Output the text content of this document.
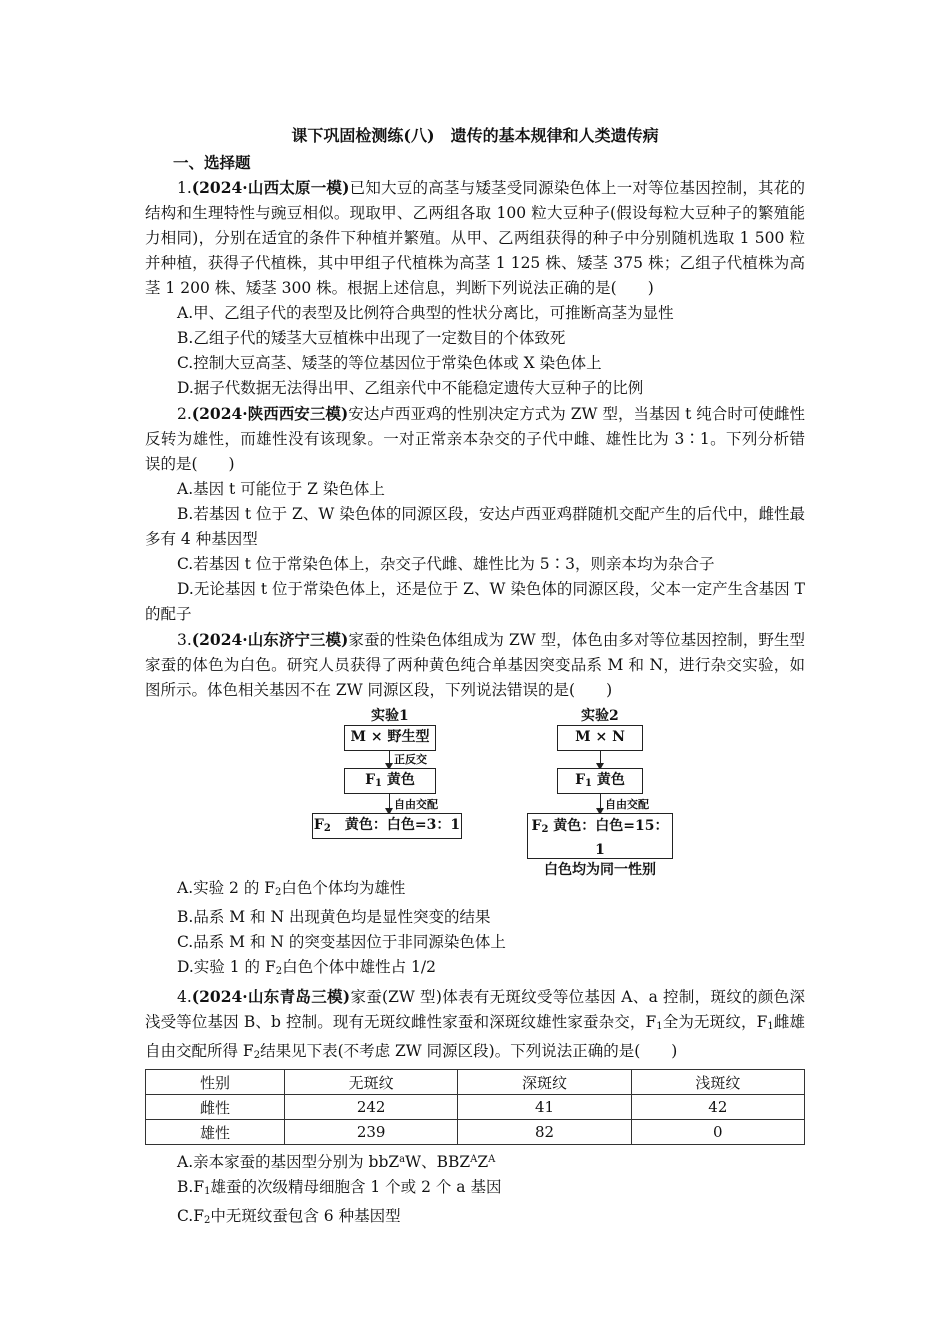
课下巩固检测练(八)　遗传的基本规律和人类遗传病
一、选择题

1.(2024·山西太原一模)已知大豆的高茎与矮茎受同源染色体上一对等位基因控制，其花的结构和生理特性与豌豆相似。现取甲、乙两组各取 100 粒大豆种子(假设每粒大豆种子的繁殖能力相同)，分别在适宜的条件下种植并繁殖。从甲、乙两组获得的种子中分别随机选取 1 500 粒并种植，获得子代植株，其中甲组子代植株为高茎 1 125 株、矮茎 375 株；乙组子代植株为高茎 1 200 株、矮茎 300 株。根据上述信息，判断下列说法正确的是(　　)

A.甲、乙组子代的表型及比例符合典型的性状分离比，可推断高茎为显性

B.乙组子代的矮茎大豆植株中出现了一定数目的个体致死

C.控制大豆高茎、矮茎的等位基因位于常染色体或 X 染色体上

D.据子代数据无法得出甲、乙组亲代中不能稳定遗传大豆种子的比例

2.(2024·陕西西安三模)安达卢西亚鸡的性别决定方式为 ZW 型，当基因 t 纯合时可使雌性反转为雄性，而雄性没有该现象。一对正常亲本杂交的子代中雌、雄性比为 3∶1。下列分析错误的是(　　)

A.基因 t 可能位于 Z 染色体上

B.若基因 t 位于 Z、W 染色体的同源区段，安达卢西亚鸡群随机交配产生的后代中，雌性最多有 4 种基因型

C.若基因 t 位于常染色体上，杂交子代雌、雄性比为 5∶3，则亲本均为杂合子

D.无论基因 t 位于常染色体上，还是位于 Z、W 染色体的同源区段，父本一定产生含基因 T 的配子

3.(2024·山东济宁三模)家蚕的性染色体组成为 ZW 型，体色由多对等位基因控制，野生型家蚕的体色为白色。研究人员获得了两种黄色纯合单基因突变品系 M 和 N，进行杂交实验，如图所示。体色相关基因不在 ZW 同源区段，下列说法错误的是(　　)

实验1
M × 野生型
正反交
$F_1$ 黄色
自由交配
$F_2$　 黄色：白色=3：1
实验2
M × N
$F_1$ 黄色
自由交配
$F_2$ 黄色：白色=15：1
白色均为同一性别

A.实验 2 的 $F_2$白色个体均为雄性

B.品系 M 和 N 出现黄色均是显性突变的结果

C.品系 M 和 N 的突变基因位于非同源染色体上

D.实验 1 的 $F_2$白色个体中雄性占 1/2

4.(2024·山东青岛三模)家蚕(ZW 型)体表有无斑纹受等位基因 A、a 控制，斑纹的颜色深浅受等位基因 B、b 控制。现有无斑纹雌性家蚕和深斑纹雄性家蚕杂交，$F_1$全为无斑纹，$F_1$雌雄自由交配所得 $F_2$结果见下表(不考虑 ZW 同源区段)。下列说法正确的是(　　)

性别	无斑纹	深斑纹	浅斑纹
雌性	242	41	42
雄性	239	82	0

A.亲本家蚕的基因型分别为 bbZ$^a$W、$BBZ^AZ^A$

$B.F_1$雄蚕的次级精母细胞含 1 个或 2 个 a 基因

$C.F_2$中无斑纹蚕包含 6 种基因型
